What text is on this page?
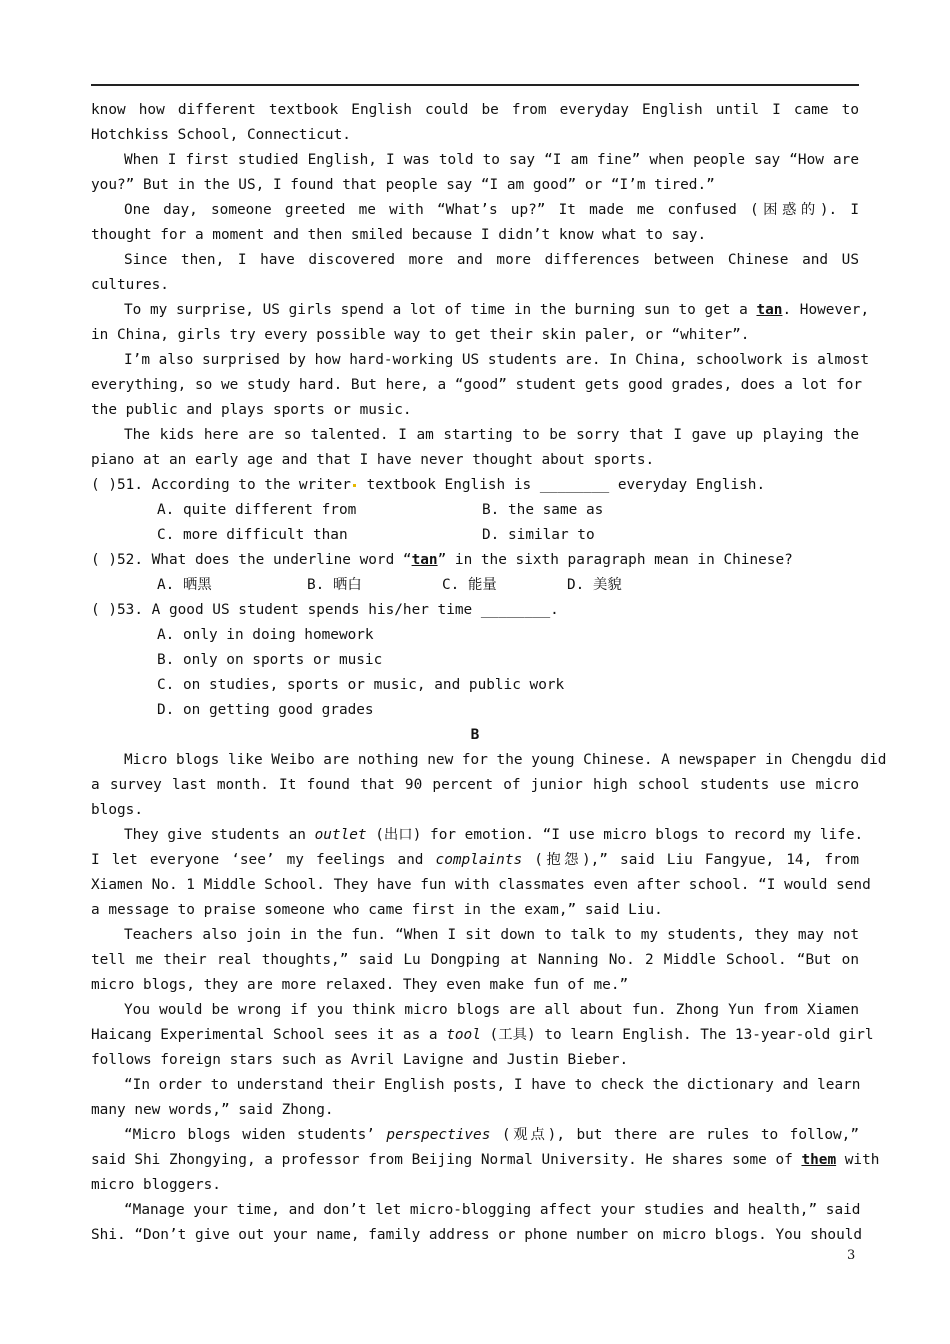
know how different textbook English could be from everyday English until I came to
Hotchkiss School, Connecticut.
When I first studied English, I was told to say “I am fine” when people say “How are
you?” But in the US, I found that people say “I am good” or “I’m tired.”
One day, someone greeted me with “What’s up?” It made me confused (困惑的). I
thought for a moment and then smiled because I didn’t know what to say.
Since then, I have discovered more and more differences between Chinese and US
cultures.
To my surprise, US girls spend a lot of time in the burning sun to get a tan. However,
in China, girls try every possible way to get their skin paler, or “whiter”.
I’m also surprised by how hard-working US students are. In China, schoolwork is almost
everything, so we study hard. But here, a “good” student gets good grades, does a lot for
the public and plays sports or music.
The kids here are so talented. I am starting to be sorry that I gave up playing the
piano at an early age and that I have never thought about sports.
( )51. According to the writer textbook English is ________ everyday English.
A. quite different from	B. the same as
C. more difficult than	D. similar to
( )52. What does the underline word “tan” in the sixth paragraph mean in Chinese?
A. 晒黑	B. 晒白	C. 能量	D. 美貌
( )53. A good US student spends his/her time ________.
A. only in doing homework
B. only on sports or music
C. on studies, sports or music, and public work
D. on getting good grades
B
Micro blogs like Weibo are nothing new for the young Chinese. A newspaper in Chengdu did
a survey last month. It found that 90 percent of junior high school students use micro
blogs.
They give students an outlet (出口) for emotion. “I use micro blogs to record my life.
I let everyone ‘see’ my feelings and complaints (抱怨),” said Liu Fangyue, 14, from
Xiamen No. 1 Middle School. They have fun with classmates even after school. “I would send
a message to praise someone who came first in the exam,” said Liu.
Teachers also join in the fun. “When I sit down to talk to my students, they may not
tell me their real thoughts,” said Lu Dongping at Nanning No. 2 Middle School. “But on
micro blogs, they are more relaxed. They even make fun of me.”
You would be wrong if you think micro blogs are all about fun. Zhong Yun from Xiamen
Haicang Experimental School sees it as a tool (工具) to learn English. The 13-year-old girl
follows foreign stars such as Avril Lavigne and Justin Bieber.
“In order to understand their English posts, I have to check the dictionary and learn
many new words,” said Zhong.
“Micro blogs widen students’ perspectives (观点), but there are rules to follow,”
said Shi Zhongying, a professor from Beijing Normal University. He shares some of them with
micro bloggers.
“Manage your time, and don’t let micro-blogging affect your studies and health,” said
Shi. “Don’t give out your name, family address or phone number on micro blogs. You should
3
